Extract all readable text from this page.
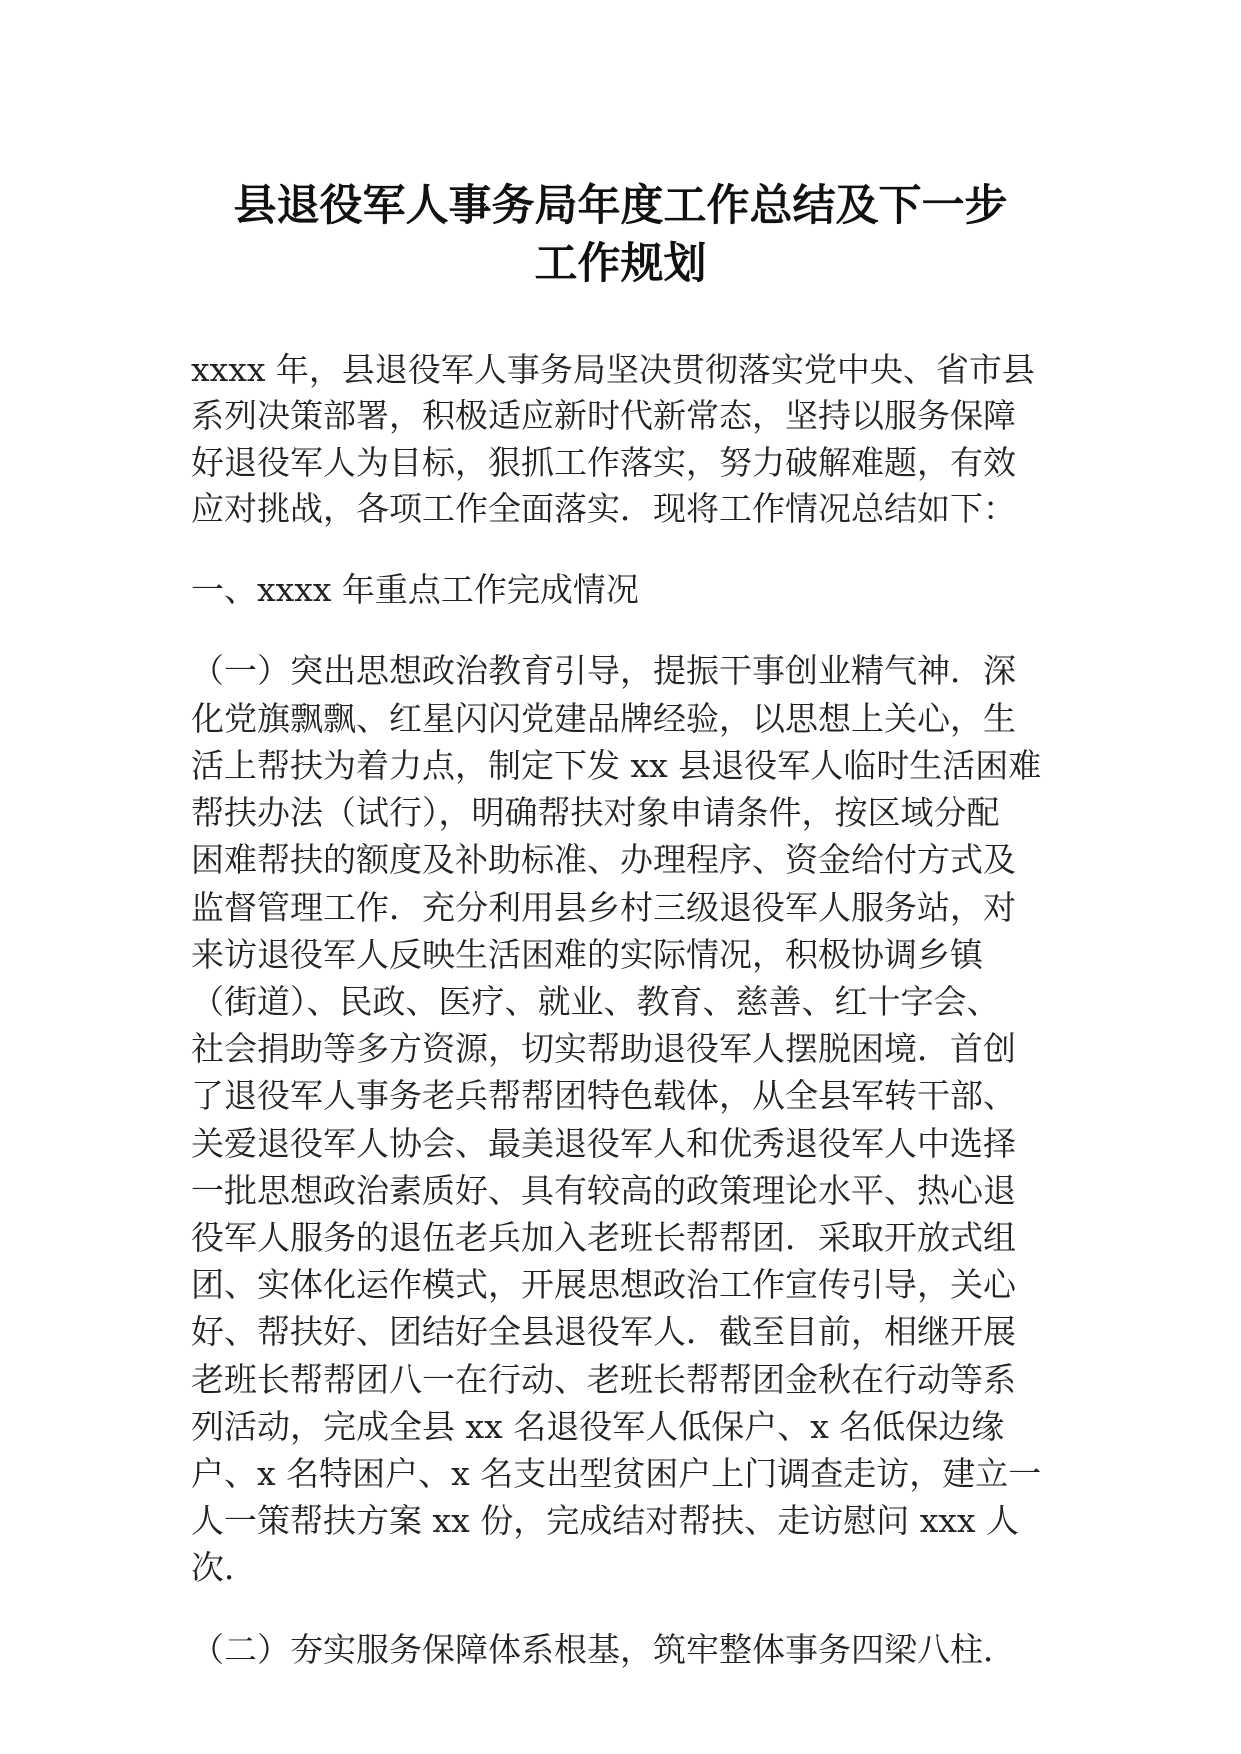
县退役军人事务局年度工作总结及下一步
工作规划
xxxx 年，县退役军人事务局坚决贯彻落实党中央、省市县
系列决策部署，积极适应新时代新常态，坚持以服务保障
好退役军人为目标，狠抓工作落实，努力破解难题，有效
应对挑战，各项工作全面落实．现将工作情况总结如下：
一、xxxx 年重点工作完成情况
（一）突出思想政治教育引导，提振干事创业精气神．深
化党旗飘飘、红星闪闪党建品牌经验，以思想上关心，生
活上帮扶为着力点，制定下发 xx 县退役军人临时生活困难
帮扶办法（试行），明确帮扶对象申请条件，按区域分配
困难帮扶的额度及补助标准、办理程序、资金给付方式及
监督管理工作．充分利用县乡村三级退役军人服务站，对
来访退役军人反映生活困难的实际情况，积极协调乡镇
（街道）、民政、医疗、就业、教育、慈善、红十字会、
社会捐助等多方资源，切实帮助退役军人摆脱困境．首创
了退役军人事务老兵帮帮团特色载体，从全县军转干部、
关爱退役军人协会、最美退役军人和优秀退役军人中选择
一批思想政治素质好、具有较高的政策理论水平、热心退
役军人服务的退伍老兵加入老班长帮帮团．采取开放式组
团、实体化运作模式，开展思想政治工作宣传引导，关心
好、帮扶好、团结好全县退役军人．截至目前，相继开展
老班长帮帮团八一在行动、老班长帮帮团金秋在行动等系
列活动，完成全县 xx 名退役军人低保户、x 名低保边缘
户、x 名特困户、x 名支出型贫困户上门调查走访，建立一
人一策帮扶方案 xx 份，完成结对帮扶、走访慰问 xxx 人
次．
（二）夯实服务保障体系根基，筑牢整体事务四梁八柱．
